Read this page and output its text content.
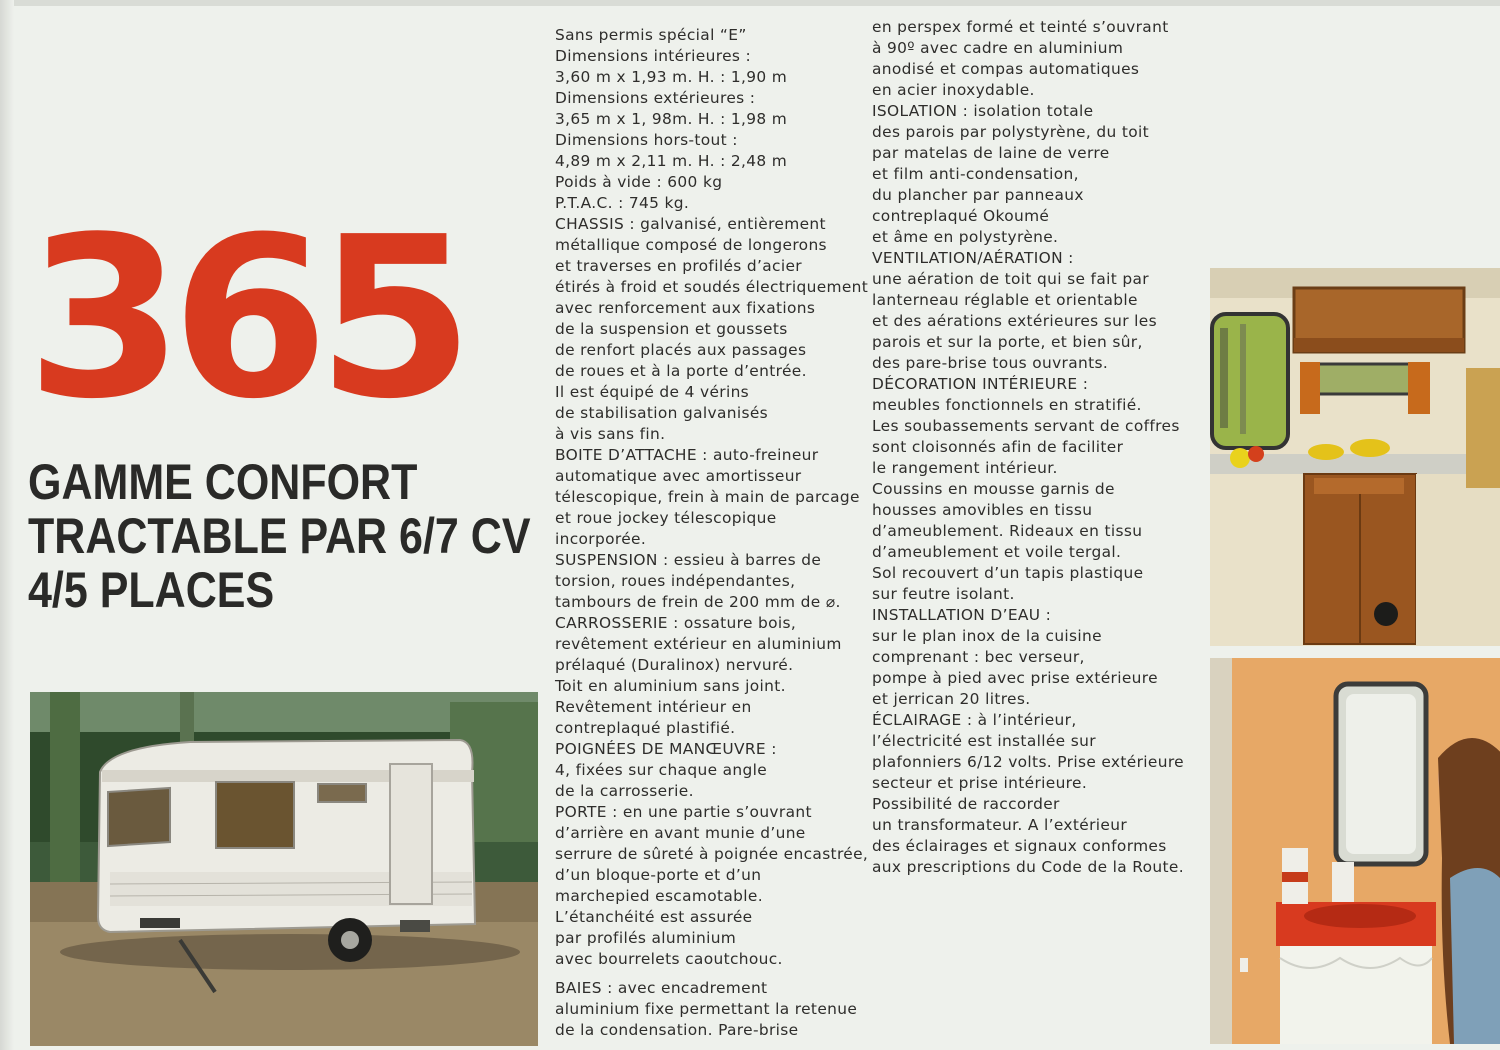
365
GAMME CONFORT
TRACTABLE PAR 6/7 CV
4/5 PLACES
Sans permis spécial “E”
Dimensions intérieures :
3,60 m x 1,93 m. H. : 1,90 m
Dimensions extérieures :
3,65 m x 1, 98m. H. : 1,98 m
Dimensions hors-tout :
4,89 m x 2,11 m. H. : 2,48 m
Poids à vide : 600 kg
P.T.A.C. : 745 kg.
CHASSIS : galvanisé, entièrement
métallique composé de longerons
et traverses en profilés d’acier
étirés à froid et soudés électriquement
avec renforcement aux fixations
de la suspension et goussets
de renfort placés aux passages
de roues et à la porte d’entrée.
Il est équipé de 4 vérins
de stabilisation galvanisés
à vis sans fin.
BOITE D’ATTACHE : auto-freineur
automatique avec amortisseur
télescopique, frein à main de parcage
et roue jockey télescopique
incorporée.
SUSPENSION : essieu à barres de
torsion, roues indépendantes,
tambours de frein de 200 mm de ⌀.
CARROSSERIE : ossature bois,
revêtement extérieur en aluminium
prélaqué (Duralinox) nervuré.
Toit en aluminium sans joint.
Revêtement intérieur en
contreplaqué plastifié.
POIGNÉES DE MANŒUVRE :
4, fixées sur chaque angle
de la carrosserie.
PORTE : en une partie s’ouvrant
d’arrière en avant munie d’une
serrure de sûreté à poignée encastrée,
d’un bloque-porte et d’un
marchepied escamotable.
L’étanchéité est assurée
par profilés aluminium
avec bourrelets caoutchouc.
BAIES : avec encadrement
aluminium fixe permettant la retenue
de la condensation. Pare-brise
en perspex formé et teinté s’ouvrant
à 90º avec cadre en aluminium
anodisé et compas automatiques
en acier inoxydable.
ISOLATION : isolation totale
des parois par polystyrène, du toit
par matelas de laine de verre
et film anti-condensation,
du plancher par panneaux
contreplaqué Okoumé
et âme en polystyrène.
VENTILATION/AÉRATION :
une aération de toit qui se fait par
lanterneau réglable et orientable
et des aérations extérieures sur les
parois et sur la porte, et bien sûr,
des pare-brise tous ouvrants.
DÉCORATION INTÉRIEURE :
meubles fonctionnels en stratifié.
Les soubassements servant de coffres
sont cloisonnés afin de faciliter
le rangement intérieur.
Coussins en mousse garnis de
housses amovibles en tissu
d’ameublement. Rideaux en tissu
d’ameublement et voile tergal.
Sol recouvert d’un tapis plastique
sur feutre isolant.
INSTALLATION D’EAU :
sur le plan inox de la cuisine
comprenant : bec verseur,
pompe à pied avec prise extérieure
et jerrican 20 litres.
ÉCLAIRAGE : à l’intérieur,
l’électricité est installée sur
plafonniers 6/12 volts. Prise extérieure
secteur et prise intérieure.
Possibilité de raccorder
un transformateur. A l’extérieur
des éclairages et signaux conformes
aux prescriptions du Code de la Route.
